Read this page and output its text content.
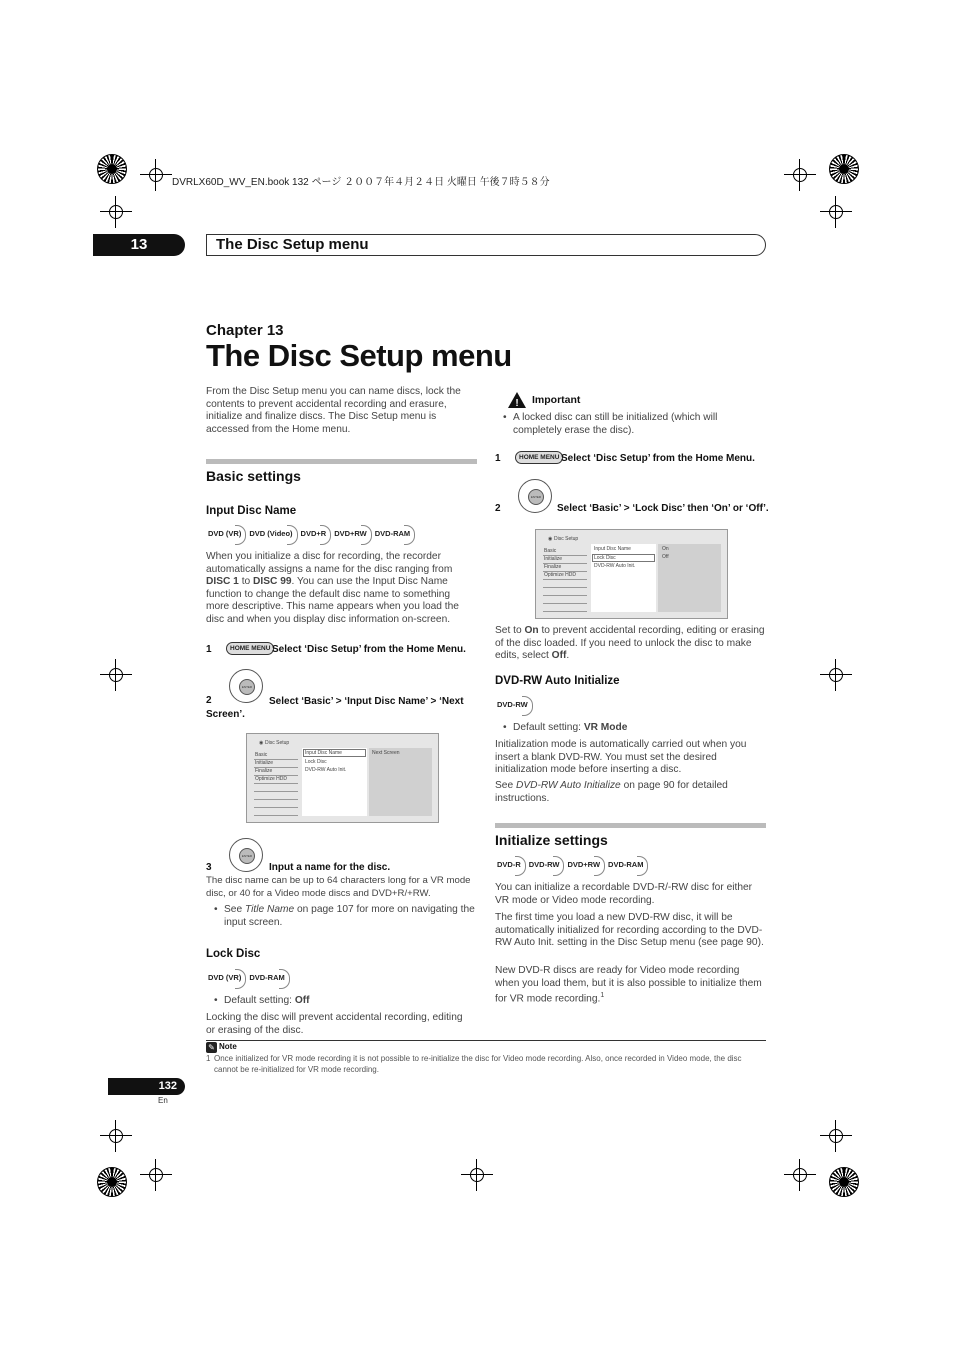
DVRLX60D_WV_EN.book 132 ページ ２００７年４月２４日 火曜日 午後７時５８分
13	The Disc Setup menu
Chapter 13
The Disc Setup menu
From the Disc Setup menu you can name discs, lock the contents to prevent accidental recording and erasure, initialize and finalize discs. The Disc Setup menu is accessed from the Home menu.
Basic settings
Input Disc Name
DVD (VR) DVD (Video) DVD+R DVD+RW DVD-RAM
When you initialize a disc for recording, the recorder automatically assigns a name for the disc ranging from DISC 1 to DISC 99. You can use the Input Disc Name function to change the default disc name to something more descriptive. This name appears when you load the disc and when you display disc information on-screen.
1	HOME MENU Select ‘Disc Setup’ from the Home Menu.
ENTER
2	Select ‘Basic’ > ‘Input Disc Name’ > ‘Next Screen’.
◉ Disc Setup
Basic
Initialize
Finalize
Optimize HDD
Input Disc Name
Lock Disc
DVD-RW Auto Init.
Next Screen
ENTER
3	Input a name for the disc.
The disc name can be up to 64 characters long for a VR mode disc, or 40 for a Video mode discs and DVD+R/+RW.
• See Title Name on page 107 for more on navigating the input screen.
Lock Disc
DVD (VR) DVD-RAM
• Default setting: Off
Locking the disc will prevent accidental recording, editing or erasing of the disc.
! Important
• A locked disc can still be initialized (which will completely erase the disc).
1	HOME MENU Select ‘Disc Setup’ from the Home Menu.
ENTER
2	Select ‘Basic’ > ‘Lock Disc’ then ‘On’ or ‘Off’.
◉ Disc Setup
Basic
Initialize
Finalize
Optimize HDD
Input Disc Name
Lock Disc
DVD-RW Auto Init.
On
Off
Set to On to prevent accidental recording, editing or erasing of the disc loaded. If you need to unlock the disc to make edits, select Off.
DVD-RW Auto Initialize
DVD-RW
• Default setting: VR Mode
Initialization mode is automatically carried out when you insert a blank DVD-RW. You must set the desired initialization mode before inserting a disc.
See DVD-RW Auto Initialize on page 90 for detailed instructions.
Initialize settings
DVD-R DVD-RW DVD+RW DVD-RAM
You can initialize a recordable DVD-R/-RW disc for either VR mode or Video mode recording.
The first time you load a new DVD-RW disc, it will be automatically initialized for recording according to the DVD-RW Auto Init. setting in the Disc Setup menu (see page 90).
New DVD-R discs are ready for Video mode recording when you load them, but it is also possible to initialize them for VR mode recording.$^1$
✎ Note
1 Once initialized for VR mode recording it is not possible to re-initialize the disc for Video mode recording. Also, once recorded in Video mode, the disc cannot be re-initialized for VR mode recording.
132
En
